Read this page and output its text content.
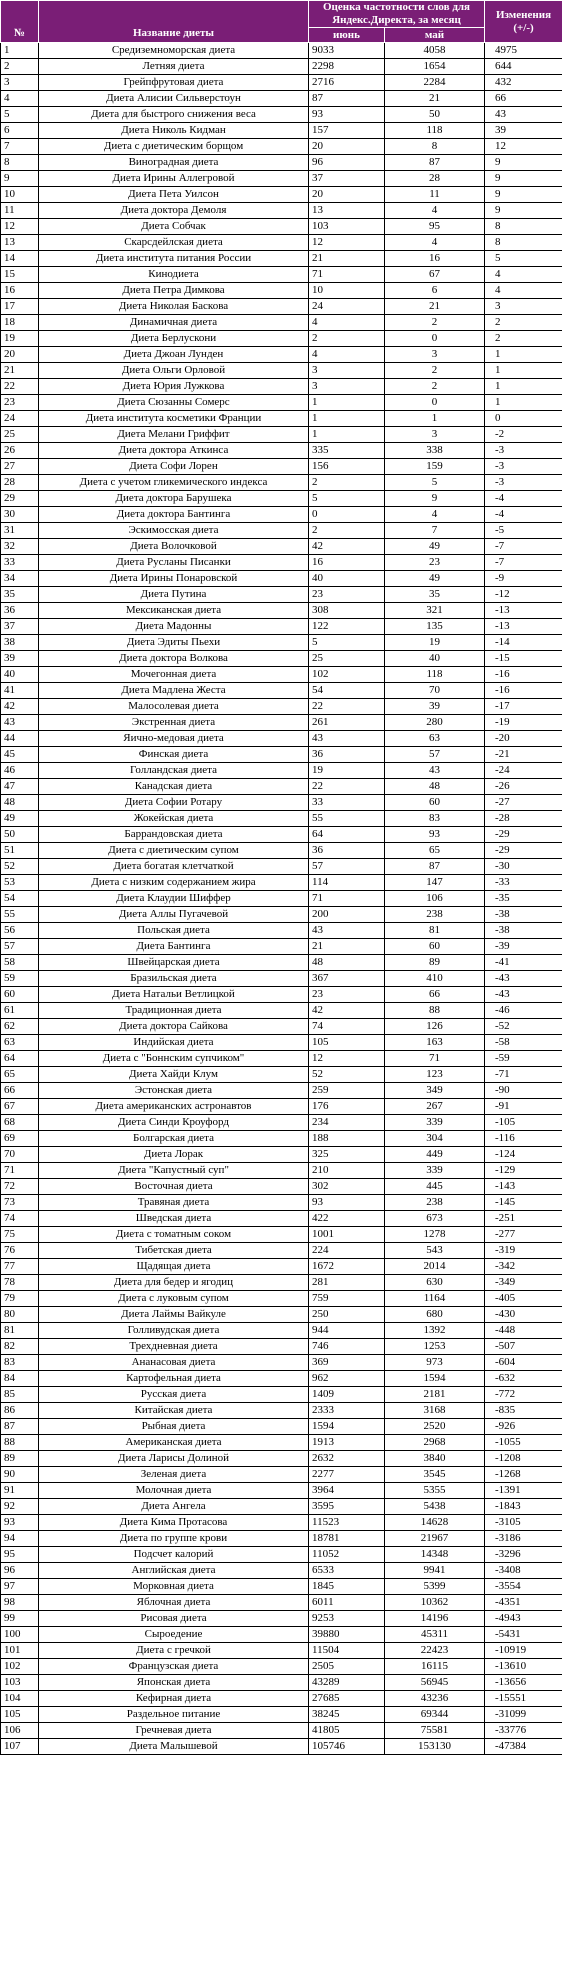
№	Название диеты	Оценка частотности слов для Яндекс.Директа, за месяц		Изменения (+/-)
		июнь	май	
1	Средиземноморская диета	9033	4058	4975
2	Летняя диета	2298	1654	644
3	Грейпфрутовая диета	2716	2284	432
4	Диета Алисии Сильверстоун	87	21	66
5	Диета для быстрого снижения веса	93	50	43
6	Диета Николь Кидман	157	118	39
7	Диета с диетическим борщом	20	8	12
8	Виноградная диета	96	87	9
9	Диета Ирины Аллегровой	37	28	9
10	Диета Пета Уилсон	20	11	9
11	Диета доктора Демоля	13	4	9
12	Диета Собчак	103	95	8
13	Скарсдейлская диета	12	4	8
14	Диета института питания России	21	16	5
15	Кинодиета	71	67	4
16	Диета Петра Димкова	10	6	4
17	Диета Николая Баскова	24	21	3
18	Динамичная диета	4	2	2
19	Диета Берлускони	2	0	2
20	Диета Джоан Лунден	4	3	1
21	Диета Ольги Орловой	3	2	1
22	Диета Юрия Лужкова	3	2	1
23	Диета Сюзанны Сомерс	1	0	1
24	Диета института косметики Франции	1	1	0
25	Диета Мелани Гриффит	1	3	-2
26	Диета доктора Аткинса	335	338	-3
27	Диета Софи Лорен	156	159	-3
28	Диета с учетом гликемического индекса	2	5	-3
29	Диета доктора Барушека	5	9	-4
30	Диета доктора Бантинга	0	4	-4
31	Эскимосская диета	2	7	-5
32	Диета Волочковой	42	49	-7
33	Диета Русланы Писанки	16	23	-7
34	Диета Ирины Понаровской	40	49	-9
35	Диета Путина	23	35	-12
36	Мексиканская диета	308	321	-13
37	Диета Мадонны	122	135	-13
38	Диета Эдиты Пьехи	5	19	-14
39	Диета доктора Волкова	25	40	-15
40	Мочегонная диета	102	118	-16
41	Диета Мадлена Жеста	54	70	-16
42	Малосолевая диета	22	39	-17
43	Экстренная диета	261	280	-19
44	Яично-медовая диета	43	63	-20
45	Финская диета	36	57	-21
46	Голландская диета	19	43	-24
47	Канадская диета	22	48	-26
48	Диета Софии Ротару	33	60	-27
49	Жокейская диета	55	83	-28
50	Баррандовская диета	64	93	-29
51	Диета с диетическим супом	36	65	-29
52	Диета богатая клетчаткой	57	87	-30
53	Диета с низким содержанием жира	114	147	-33
54	Диета Клаудии Шиффер	71	106	-35
55	Диета Аллы Пугачевой	200	238	-38
56	Польская диета	43	81	-38
57	Диета Бантинга	21	60	-39
58	Швейцарская диета	48	89	-41
59	Бразильская диета	367	410	-43
60	Диета Натальи Ветлицкой	23	66	-43
61	Традиционная диета	42	88	-46
62	Диета доктора Сайкова	74	126	-52
63	Индийская диета	105	163	-58
64	Диета с "Боннским супчиком"	12	71	-59
65	Диета Хайди Клум	52	123	-71
66	Эстонская диета	259	349	-90
67	Диета американских астронавтов	176	267	-91
68	Диета Синди Кроуфорд	234	339	-105
69	Болгарская диета	188	304	-116
70	Диета Лорак	325	449	-124
71	Диета "Капустный суп"	210	339	-129
72	Восточная диета	302	445	-143
73	Травяная диета	93	238	-145
74	Шведская диета	422	673	-251
75	Диета с томатным соком	1001	1278	-277
76	Тибетская диета	224	543	-319
77	Щадящая диета	1672	2014	-342
78	Диета для бедер и ягодиц	281	630	-349
79	Диета с луковым супом	759	1164	-405
80	Диета Лаймы Вайкуле	250	680	-430
81	Голливудская диета	944	1392	-448
82	Трехдневная диета	746	1253	-507
83	Ананасовая диета	369	973	-604
84	Картофельная диета	962	1594	-632
85	Русская диета	1409	2181	-772
86	Китайская диета	2333	3168	-835
87	Рыбная диета	1594	2520	-926
88	Американская диета	1913	2968	-1055
89	Диета Ларисы Долиной	2632	3840	-1208
90	Зеленая диета	2277	3545	-1268
91	Молочная диета	3964	5355	-1391
92	Диета Ангела	3595	5438	-1843
93	Диета Кима Протасова	11523	14628	-3105
94	Диета по группе крови	18781	21967	-3186
95	Подсчет калорий	11052	14348	-3296
96	Английская диета	6533	9941	-3408
97	Морковная диета	1845	5399	-3554
98	Яблочная диета	6011	10362	-4351
99	Рисовая диета	9253	14196	-4943
100	Сыроедение	39880	45311	-5431
101	Диета с гречкой	11504	22423	-10919
102	Французская диета	2505	16115	-13610
103	Японская диета	43289	56945	-13656
104	Кефирная диета	27685	43236	-15551
105	Раздельное питание	38245	69344	-31099
106	Гречневая диета	41805	75581	-33776
107	Диета Малышевой	105746	153130	-47384
